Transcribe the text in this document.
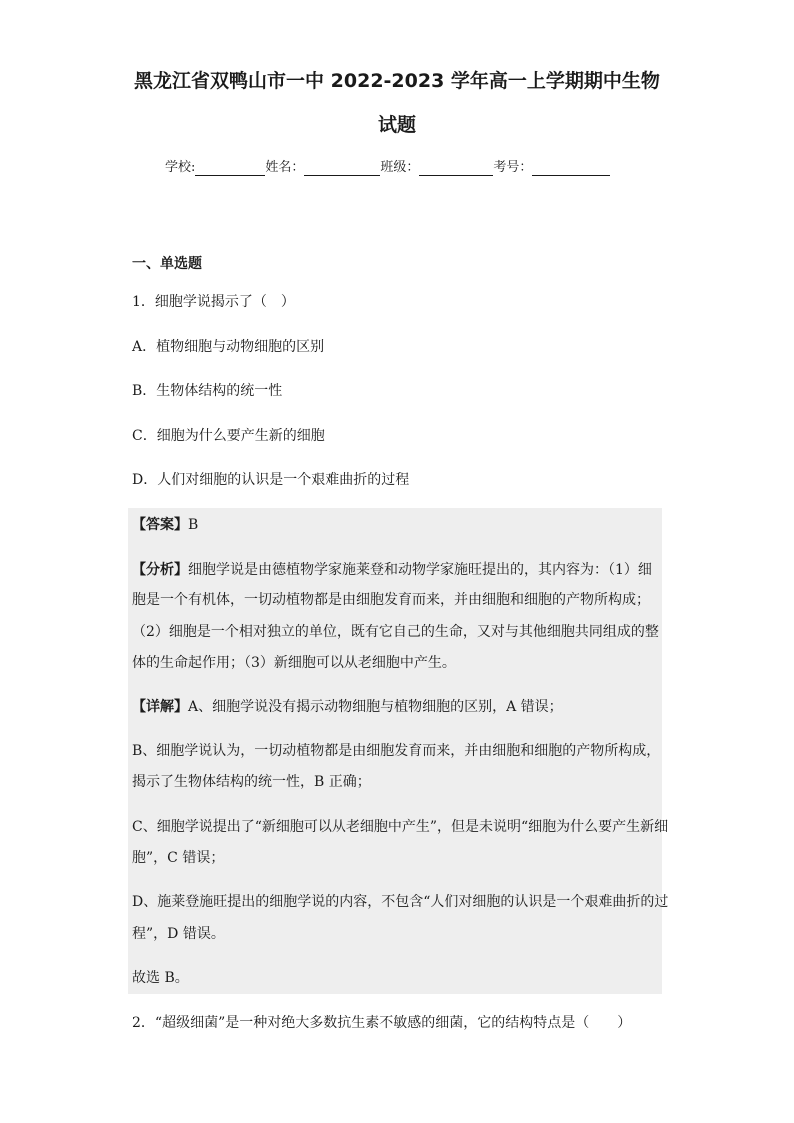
黑龙江省双鸭山市一中 2022-2023 学年高一上学期期中生物
试题
学校:	姓名：	班级：	考号：
一、单选题
1．细胞学说揭示了（　）
A．植物细胞与动物细胞的区别
B．生物体结构的统一性
C．细胞为什么要产生新的细胞
D．人们对细胞的认识是一个艰难曲折的过程
【答案】B
【分析】细胞学说是由德植物学家施莱登和动物学家施旺提出的，其内容为：（1）细
胞是一个有机体，一切动植物都是由细胞发育而来，并由细胞和细胞的产物所构成；
（2）细胞是一个相对独立的单位，既有它自己的生命，又对与其他细胞共同组成的整
体的生命起作用；（3）新细胞可以从老细胞中产生。
【详解】A、细胞学说没有揭示动物细胞与植物细胞的区别，A 错误；
B、细胞学说认为，一切动植物都是由细胞发育而来，并由细胞和细胞的产物所构成，
揭示了生物体结构的统一性，B 正确；
C、细胞学说提出了“新细胞可以从老细胞中产生”，但是未说明“细胞为什么要产生新细
胞”，C 错误；
D、施莱登施旺提出的细胞学说的内容，不包含“人们对细胞的认识是一个艰难曲折的过
程”，D 错误。
故选 B。
2．“超级细菌”是一种对绝大多数抗生素不敏感的细菌，它的结构特点是（　　）
